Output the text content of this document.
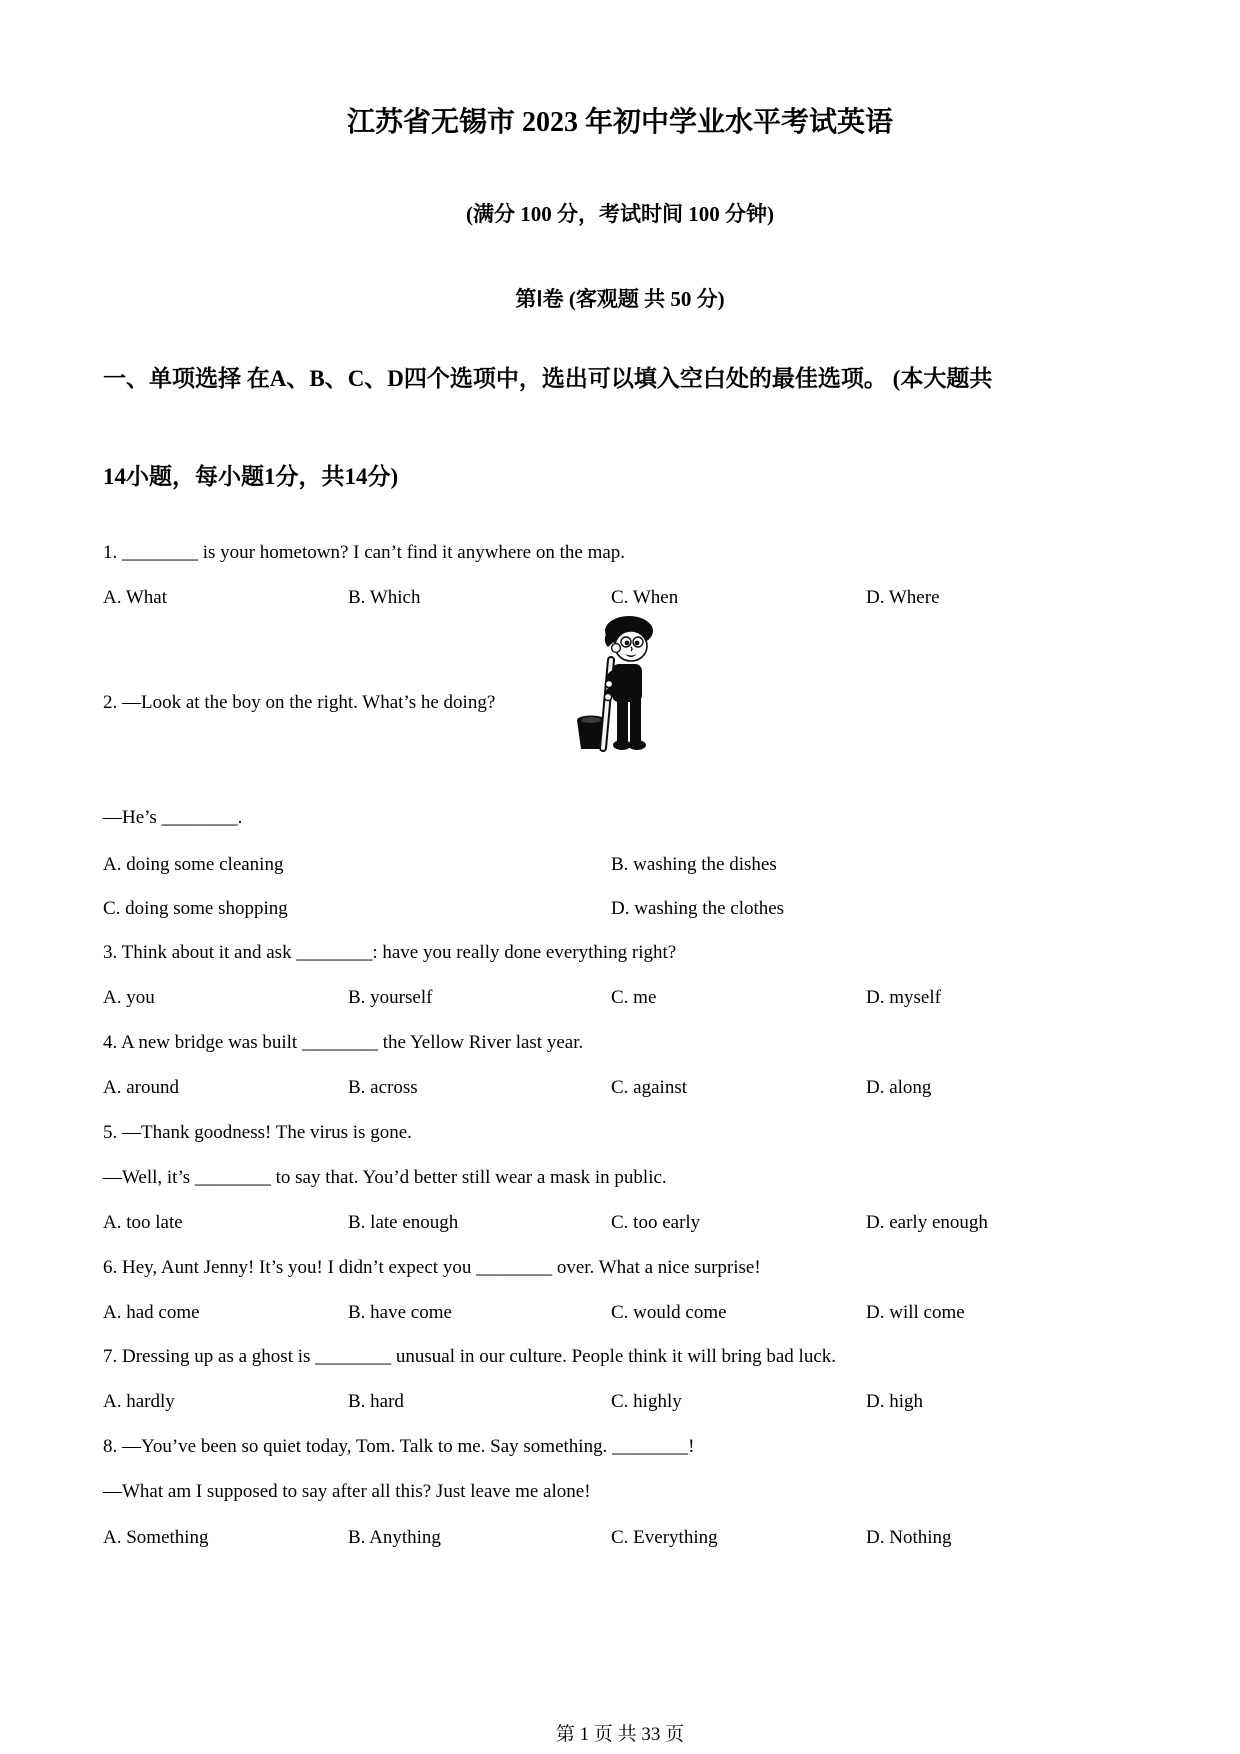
江苏省无锡市 2023 年初中学业水平考试英语
(满分 100 分，考试时间 100 分钟)
第Ⅰ卷 (客观题 共 50 分)
一、单项选择 在A、B、C、D四个选项中，选出可以填入空白处的最佳选项。 (本大题共
14小题，每小题1分，共14分)
1. ________ is your hometown? I can’t find it anywhere on the map.
A. What	B. Which	C. When	D. Where
2. —Look at the boy on the right. What’s he doing?
—He’s ________.
A. doing some cleaning	B. washing the dishes
C. doing some shopping	D. washing the clothes
3. Think about it and ask ________: have you really done everything right?
A. you	B. yourself	C. me	D. myself
4. A new bridge was built ________ the Yellow River last year.
A. around	B. across	C. against	D. along
5. —Thank goodness! The virus is gone.
—Well, it’s ________ to say that. You’d better still wear a mask in public.
A. too late	B. late enough	C. too early	D. early enough
6. Hey, Aunt Jenny! It’s you! I didn’t expect you ________ over. What a nice surprise!
A. had come	B. have come	C. would come	D. will come
7. Dressing up as a ghost is ________ unusual in our culture. People think it will bring bad luck.
A. hardly	B. hard	C. highly	D. high
8. —You’ve been so quiet today, Tom. Talk to me. Say something. ________!
—What am I supposed to say after all this? Just leave me alone!
A. Something	B. Anything	C. Everything	D. Nothing
第 1 页 共 33 页
